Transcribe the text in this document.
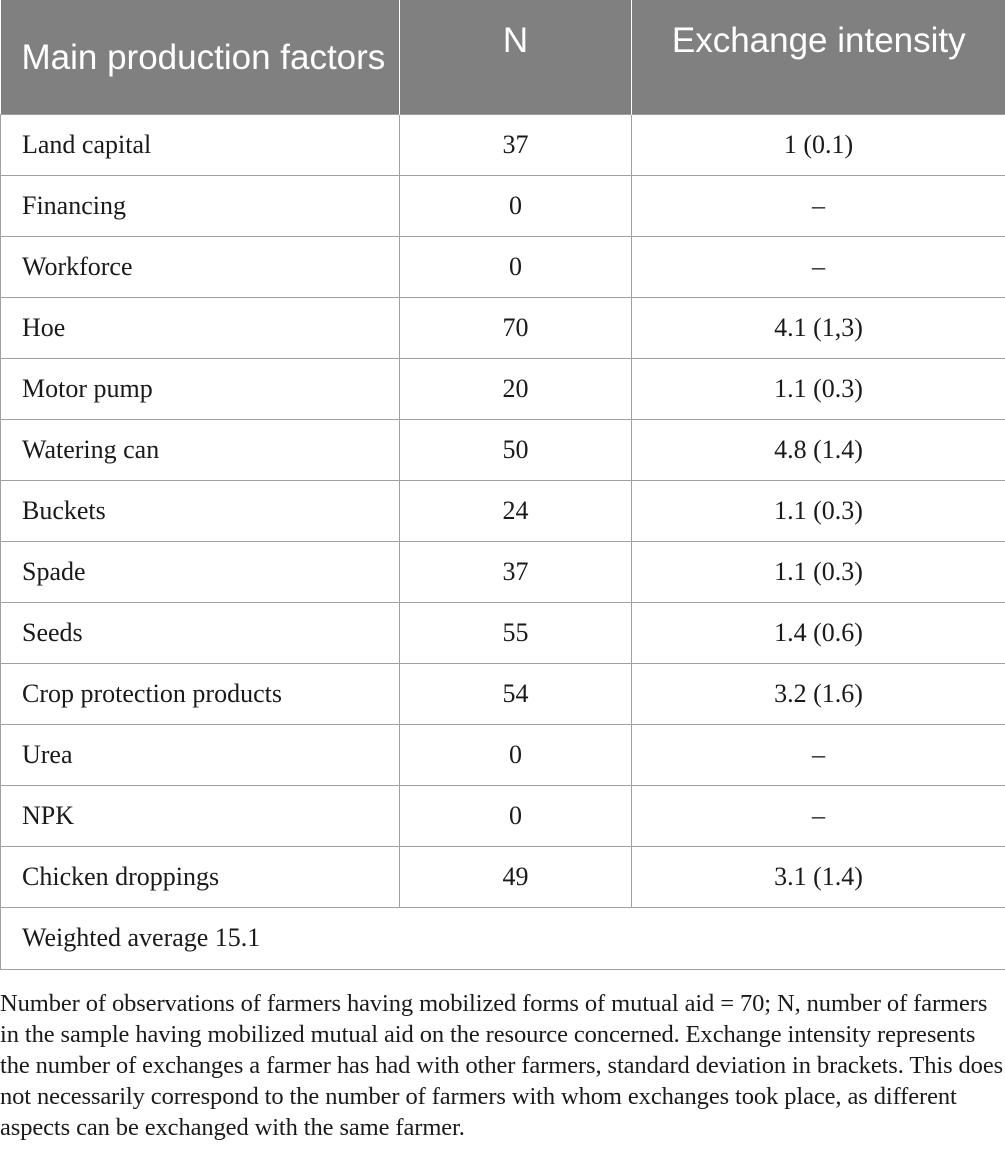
Main production factors	N	Exchange intensity
Land capital	37	1 (0.1)
Financing	0	–
Workforce	0	–
Hoe	70	4.1 (1,3)
Motor pump	20	1.1 (0.3)
Watering can	50	4.8 (1.4)
Buckets	24	1.1 (0.3)
Spade	37	1.1 (0.3)
Seeds	55	1.4 (0.6)
Crop protection products	54	3.2 (1.6)
Urea	0	–
NPK	0	–
Chicken droppings	49	3.1 (1.4)
Weighted average 15.1		

Number of observations of farmers having mobilized forms of mutual aid = 70; N, number of farmers in the sample having mobilized mutual aid on the resource concerned. Exchange intensity represents the number of exchanges a farmer has had with other farmers, standard deviation in brackets. This does not necessarily correspond to the number of farmers with whom exchanges took place, as different aspects can be exchanged with the same farmer.
